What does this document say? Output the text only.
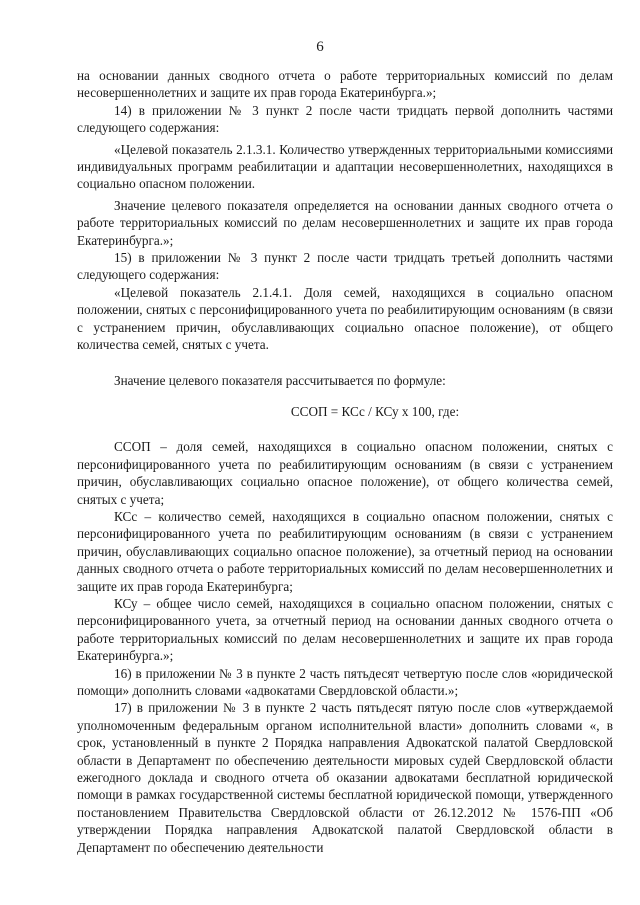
6

на основании данных сводного отчета о работе территориальных комиссий по делам несовершеннолетних и защите их прав города Екатеринбурга.»;

14) в приложении № 3 пункт 2 после части тридцать первой дополнить частями следующего содержания:

«Целевой показатель 2.1.3.1. Количество утвержденных территориальными комиссиями индивидуальных программ реабилитации и адаптации несовершеннолетних, находящихся в социально опасном положении.

Значение целевого показателя определяется на основании данных сводного отчета о работе территориальных комиссий по делам несовершеннолетних и защите их прав города Екатеринбурга.»;

15) в приложении № 3 пункт 2 после части тридцать третьей дополнить частями следующего содержания:

«Целевой показатель 2.1.4.1. Доля семей, находящихся в социально опасном положении, снятых с персонифицированного учета по реабилитирующим основаниям (в связи с устранением причин, обуславливающих социально опасное положение), от общего количества семей, снятых с учета.

Значение целевого показателя рассчитывается по формуле:

ССОП = КСс / КСу х 100, где:

ССОП – доля семей, находящихся в социально опасном положении, снятых с персонифицированного учета по реабилитирующим основаниям (в связи с устранением причин, обуславливающих социально опасное положение), от общего количества семей, снятых с учета;

КСс – количество семей, находящихся в социально опасном положении, снятых с персонифицированного учета по реабилитирующим основаниям (в связи с устранением причин, обуславливающих социально опасное положение), за отчетный период на основании данных сводного отчета о работе территориальных комиссий по делам несовершеннолетних и защите их прав города Екатеринбурга;

КСу – общее число семей, находящихся в социально опасном положении, снятых с персонифицированного учета, за отчетный период на основании данных сводного отчета о работе территориальных комиссий по делам несовершеннолетних и защите их прав города Екатеринбурга.»;

16) в приложении № 3 в пункте 2 часть пятьдесят четвертую после слов «юридической помощи» дополнить словами «адвокатами Свердловской области.»;

17) в приложении № 3 в пункте 2 часть пятьдесят пятую после слов «утверждаемой уполномоченным федеральным органом исполнительной власти» дополнить словами «, в срок, установленный в пункте 2 Порядка направления Адвокатской палатой Свердловской области в Департамент по обеспечению деятельности мировых судей Свердловской области ежегодного доклада и сводного отчета об оказании адвокатами бесплатной юридической помощи в рамках государственной системы бесплатной юридической помощи, утвержденного постановлением Правительства Свердловской области от 26.12.2012 № 1576-ПП «Об утверждении Порядка направления Адвокатской палатой Свердловской области в Департамент по обеспечению деятельности
